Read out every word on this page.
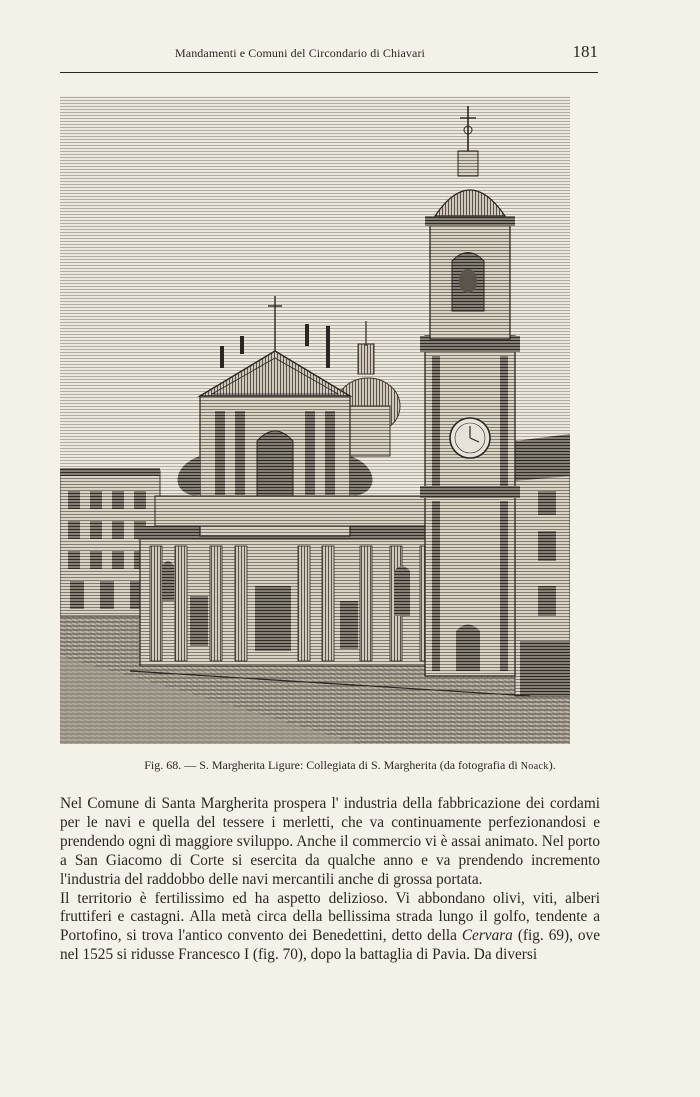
Mandamenti e Comuni del Circondario di Chiavari	181
Fig. 68. — S. Margherita Ligure: Collegiata di S. Margherita (da fotografia di Noack).

Nel Comune di Santa Margherita prospera l' industria della fabbricazione dei cordami per le navi e quella del tessere i merletti, che va continuamente perfezionandosi e prendendo ogni dì maggiore sviluppo. Anche il commercio vi è assai animato. Nel porto a San Giacomo di Corte si esercita da qualche anno e va prendendo incremento l'industria del raddobbo delle navi mercantili anche di grossa portata.

Il territorio è fertilissimo ed ha aspetto delizioso. Vi abbondano olivi, viti, alberi fruttiferi e castagni. Alla metà circa della bellissima strada lungo il golfo, tendente a Portofino, si trova l'antico convento dei Benedettini, detto della Cervara (fig. 69), ove nel 1525 si ridusse Francesco I (fig. 70), dopo la battaglia di Pavia. Da diversi
